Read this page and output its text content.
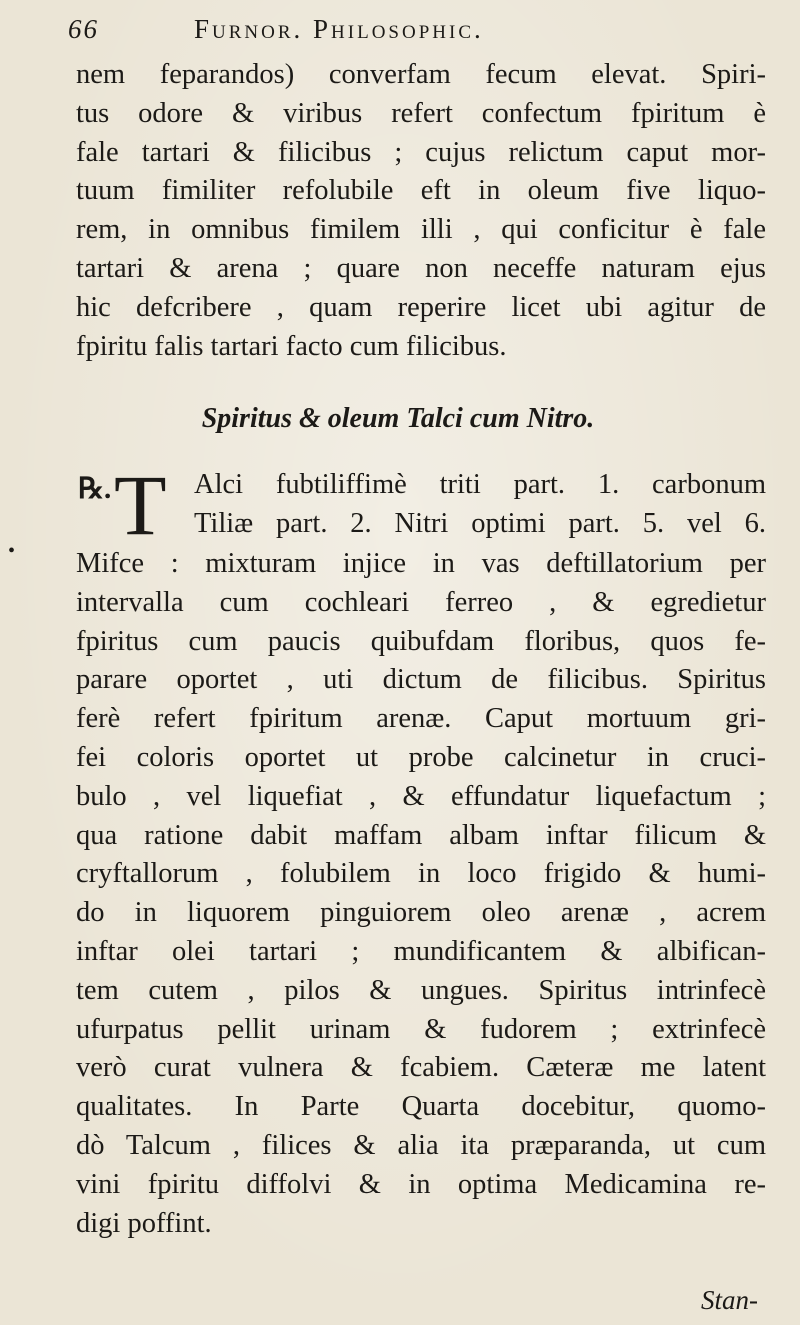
66	Furnor. Philosophic.
nem feparandos) converfam fecum elevat. Spiri-
tus odore & viribus refert confectum fpiritum è
fale tartari & filicibus ; cujus relictum caput mor-
tuum fimiliter refolubile eft in oleum five liquo-
rem, in omnibus fimilem illi , qui conficitur è fale
tartari & arena ; quare non neceffe naturam ejus
hic defcribere , quam reperire licet ubi agitur de
fpiritu falis tartari facto cum filicibus.
Spiritus & oleum Talci cum Nitro.
℞. T Alci fubtiliffimè triti part. 1. carbonum
Tiliæ part. 2. Nitri optimi part. 5. vel 6.
• Mifce : mixturam injice in vas deftillatorium per
intervalla cum cochleari ferreo , & egredietur
fpiritus cum paucis quibufdam floribus, quos fe-
parare oportet , uti dictum de filicibus. Spiritus
ferè refert fpiritum arenæ. Caput mortuum gri-
fei coloris oportet ut probe calcinetur in cruci-
bulo , vel liquefiat , & effundatur liquefactum ;
qua ratione dabit maffam albam inftar filicum &
cryftallorum , folubilem in loco frigido & humi-
do in liquorem pinguiorem oleo arenæ , acrem
inftar olei tartari ; mundificantem & albifican-
tem cutem , pilos & ungues. Spiritus intrinfecè
ufurpatus pellit urinam & fudorem ; extrinfecè
verò curat vulnera & fcabiem. Cæteræ me latent
qualitates. In Parte Quarta docebitur, quomo-
dò Talcum , filices & alia ita præparanda, ut cum
vini fpiritu diffolvi & in optima Medicamina re-
digi poffint.
Stan-
